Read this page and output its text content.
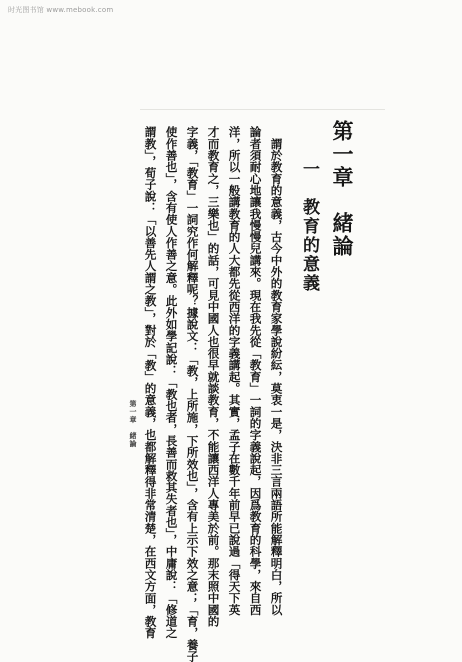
时光图书馆 www.mebook.com
第一章　緒論
一　教育的意義
　謂於教育的意義，古今中外的教育家學說紛紜，莫衷一是，決非三言兩語所能解釋明白，所以
論者須耐心地讓我慢慢兒講來。現在我先從「教育」一詞的字義說起，因爲教育的科學，來自西
洋，所以一般講教育的人大都先從西洋的字義講起。其實，孟子在數千年前早已說過「得天下英
才而教育之，三樂也」的話，可見中國人也很早就談教育，不能讓西洋人專美於前。那末照中國的
字義，「教育」一詞究作何解釋呢？據說文：「教，上所施，下所效也」，含有上示下效之意；「育，養子
使作善也」，含有使人作善之意。此外如學記說：「教也者，長善而救其失者也」，中庸說：「修道之
謂教」，荀子說：「以善先人謂之教」，對於「教」的意義，也都解釋得非常清楚，在西文方面，教育
第一章　緒論
